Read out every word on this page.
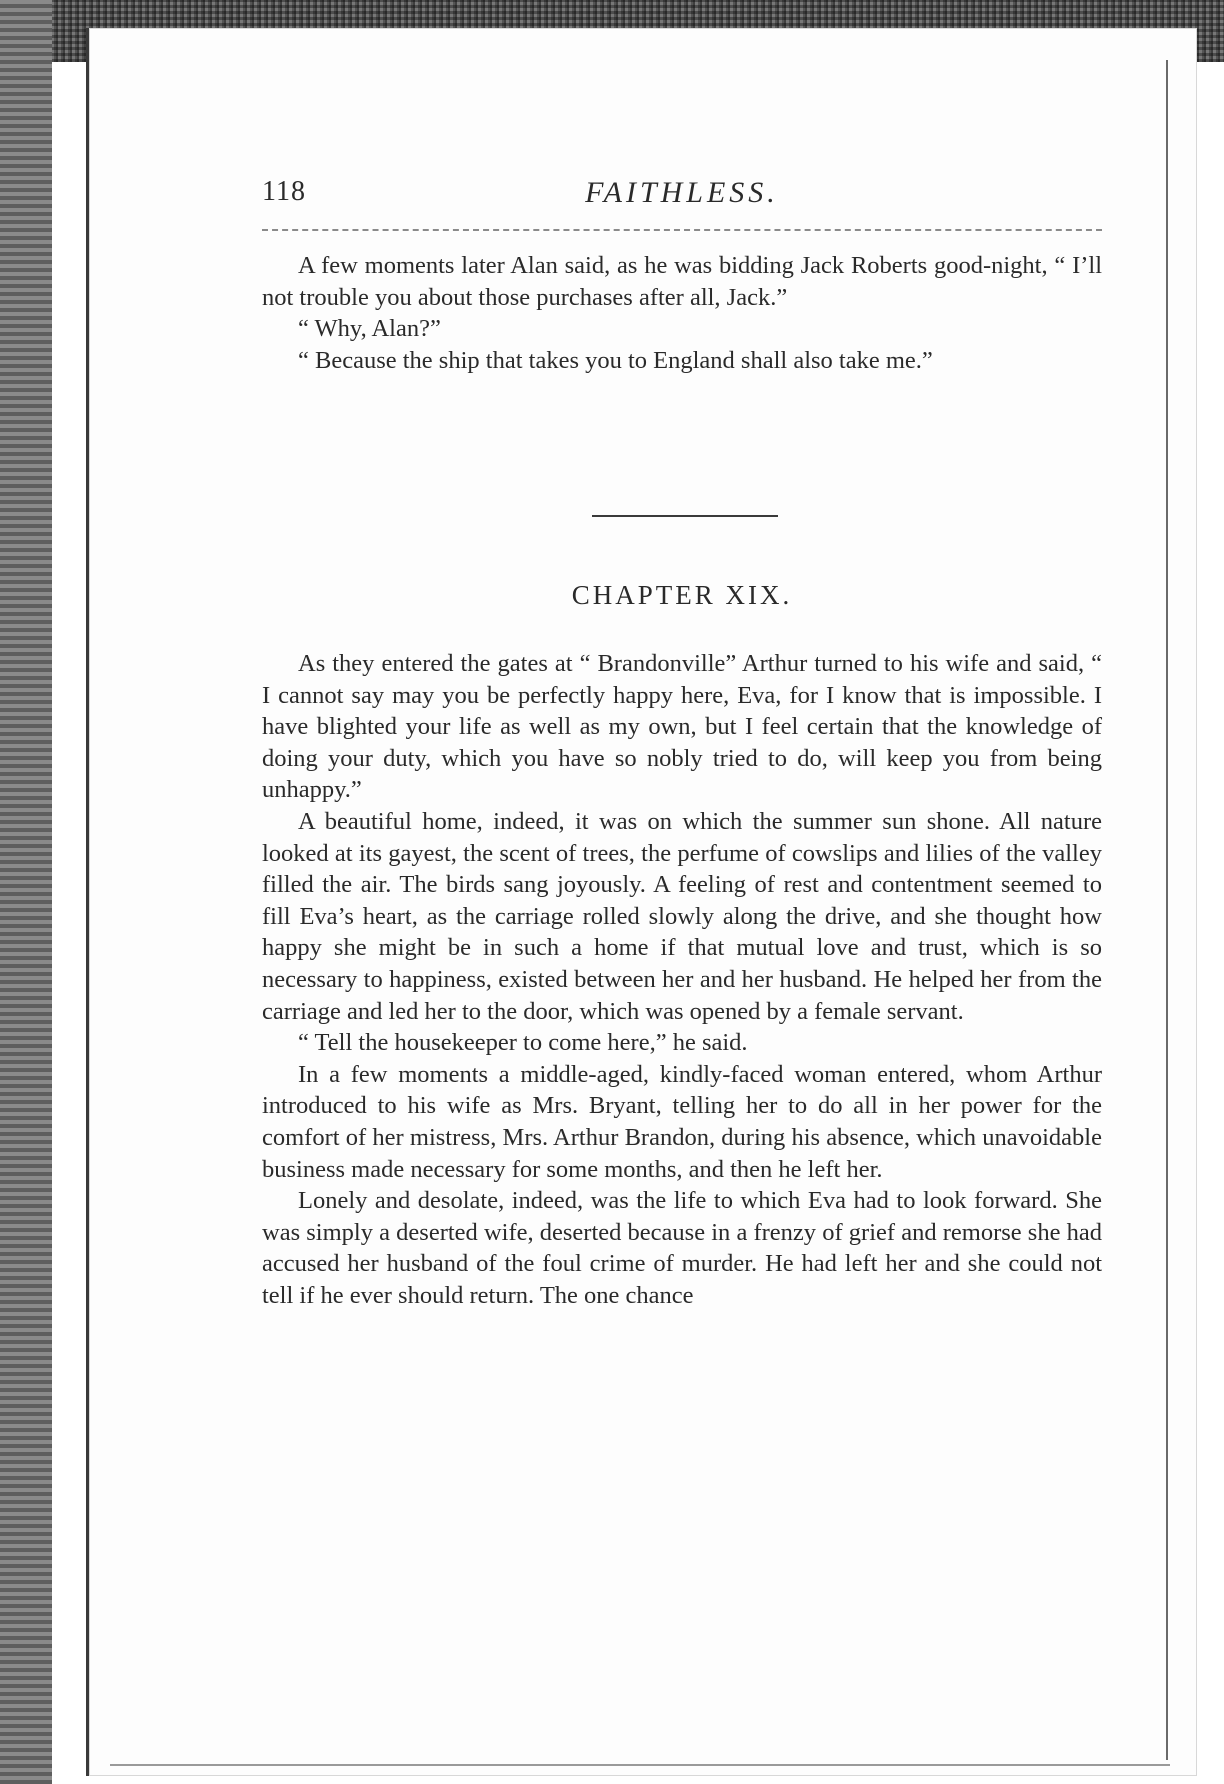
118	FAITHLESS.

A few moments later Alan said, as he was bidding Jack Roberts good-night, “ I’ll not trouble you about those purchases after all, Jack.”

“ Why, Alan?”

“ Because the ship that takes you to England shall also take me.”

CHAPTER XIX.

As they entered the gates at “ Brandonville” Arthur turned to his wife and said, “ I cannot say may you be perfectly happy here, Eva, for I know that is impossible. I have blighted your life as well as my own, but I feel certain that the knowledge of doing your duty, which you have so nobly tried to do, will keep you from being unhappy.”

A beautiful home, indeed, it was on which the summer sun shone. All nature looked at its gayest, the scent of trees, the perfume of cowslips and lilies of the valley filled the air. The birds sang joyously. A feeling of rest and contentment seemed to fill Eva’s heart, as the carriage rolled slowly along the drive, and she thought how happy she might be in such a home if that mutual love and trust, which is so necessary to happiness, existed between her and her husband. He helped her from the carriage and led her to the door, which was opened by a female servant.

“ Tell the housekeeper to come here,” he said.

In a few moments a middle-aged, kindly-faced woman entered, whom Arthur introduced to his wife as Mrs. Bryant, telling her to do all in her power for the comfort of her mistress, Mrs. Arthur Brandon, during his absence, which unavoidable business made necessary for some months, and then he left her.

Lonely and desolate, indeed, was the life to which Eva had to look forward. She was simply a deserted wife, deserted because in a frenzy of grief and remorse she had accused her husband of the foul crime of murder. He had left her and she could not tell if he ever should return. The one chance
